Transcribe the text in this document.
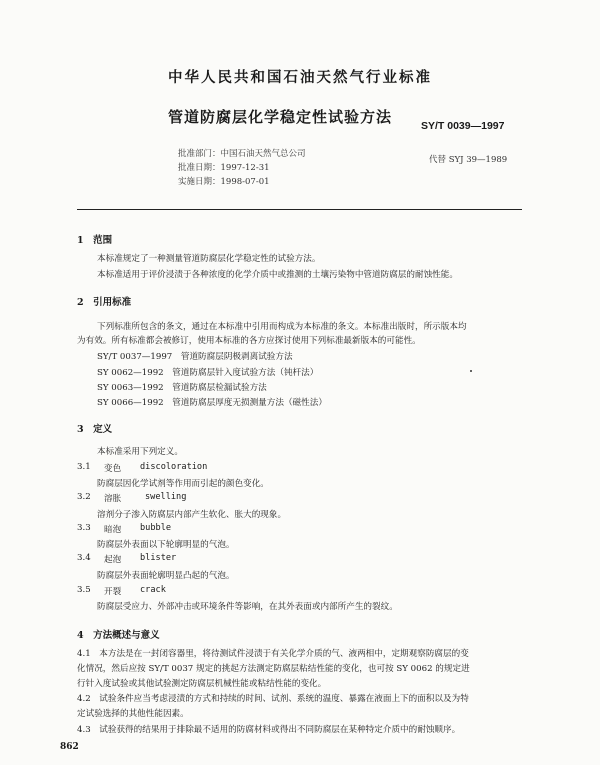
中华人民共和国石油天然气行业标准
管道防腐层化学稳定性试验方法	SY/T 0039—1997
批准部门：中国石油天然气总公司
批准日期：1997-12-31
实施日期：1998-07-01
代替 SYJ 39—1989
1　范围
本标准规定了一种测量管道防腐层化学稳定性的试验方法。
本标准适用于评价浸渍于各种浓度的化学介质中或推测的土壤污染物中管道防腐层的耐蚀性能。
2　引用标准
下列标准所包含的条文，通过在本标准中引用而构成为本标准的条文。本标准出版时，所示版本均
为有效。所有标准都会被修订，使用本标准的各方应探讨使用下列标准最新版本的可能性。
SY/T 0037—1997　管道防腐层阴极剥离试验方法
SY 0062—1992　管道防腐层针入度试验方法（钝杆法）
SY 0063—1992　管道防腐层检漏试验方法
SY 0066—1992　管道防腐层厚度无损测量方法（磁性法）
3　定义
本标准采用下列定义。
3.1 变色 discoloration
防腐层因化学试剂等作用而引起的颜色变化。
3.2 溶胀	swelling
溶剂分子渗入防腐层内部产生软化、胀大的现象。
3.3 暗泡 bubble
防腐层外表面以下轮廓明显的气泡。
3.4 起泡 blister
防腐层外表面轮廓明显凸起的气泡。
3.5 开裂 crack
防腐层受应力、外部冲击或环境条件等影响，在其外表面或内部所产生的裂纹。
4　方法概述与意义
4.1　本方法是在一封闭容器里，将待测试件浸渍于有关化学介质的气、液两相中，定期观察防腐层的变
化情况，然后应按 SY/T 0037 规定的挑起方法测定防腐层粘结性能的变化，也可按 SY 0062 的规定进
行针入度试验或其他试验测定防腐层机械性能或粘结性能的变化。
4.2　试验条件应当考虑浸渍的方式和持续的时间、试剂、系统的温度、暴露在液面上下的面积以及为特
定试验选择的其他性能因素。
4.3　试验获得的结果用于排除最不适用的防腐材料或得出不同防腐层在某种特定介质中的耐蚀顺序。
862
